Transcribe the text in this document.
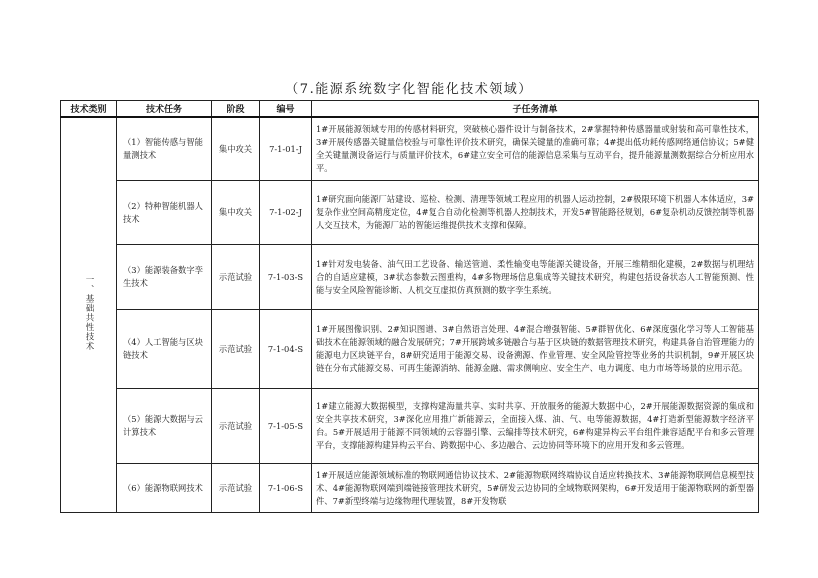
（7.能源系统数字化智能化技术领域）
技术类别	技术任务	阶段	编号	子任务清单
一、基础共性技术	（1）智能传感与智能量测技术	集中攻关	7-1-01-J	1#开展能源领域专用的传感材料研究，突破核心器件设计与制备技术，2#掌握特种传感器量或射装和高可靠性技术，3#开展传感器关键量信校验与可靠性评价技术研究，确保关键量的准确可靠；4#提出低功耗传感网络通信协议；5#健全关键量测设备运行与质量评价技术，6#建立安全可信的能源信息采集与互动平台，提升能源量测数据综合分析应用水平。
	（2）特种智能机器人技术	集中攻关	7-1-02-J	1#研究面向能源厂站建设、巡检、检测、清理等领域工程应用的机器人运动控制，2#极限环境下机器人本体适应，3#复杂作业空间高精度定位，4#复合自动化检测等机器人控制技术，开发5#智能路径规划，6#复杂机动反馈控制等机器人交互技术，为能源厂站的智能运维提供技术支撑和保障。
	（3）能源装备数字孪生技术	示范试验	7-1-03-S	1#针对发电装备、油气田工艺设备、输送管道、柔性输变电等能源关键设备，开展三维精细化建模，2#数据与机理结合的自适应建模，3#状态参数云图重构，4#多物理场信息集成等关键技术研究，构建包括设备状态人工智能预测、性能与安全风险智能诊断、人机交互虚拟仿真预测的数字孪生系统。
	（4）人工智能与区块链技术	示范试验	7-1-04-S	1#开展图像识别、2#知识图谱、3#自然语言处理、4#混合增强智能、5#群智优化、6#深度强化学习等人工智能基础技术在能源领域的融合发展研究；7#开展跨域多链融合与基于区块链的数据管理技术研究，构建具备自治管理能力的能源电力区块链平台，8#研究适用于能源交易、设备溯源、作业管理、安全风险管控等业务的共识机制，9#开展区块链在分布式能源交易、可再生能源消纳、能源金融、需求侧响应、安全生产、电力调度、电力市场等场景的应用示范。
	（5）能源大数据与云计算技术	示范试验	7-1-05-S	1#建立能源大数据模型，支撑构建海量共享、实时共享、开放服务的能源大数据中心，2#开展能源数据资源的集成和安全共享技术研究，3#深化应用推广新能源云，全面接入煤、油、气、电等能源数据，4#打造新型能源数字经济平台。5#开展适用于能源不同领域的云容器引擎、云编排等技术研究，6#构建异构云平台组件兼容适配平台和多云管理平台，支撑能源构建异构云平台、跨数据中心、多边融合、云边协同等环境下的应用开发和多云管理。
	（6）能源物联网技术	示范试验	7-1-06-S	1#开展适应能源领域标准的物联网通信协议技术、2#能源物联网终端协议自适应转换技术、3#能源物联网信息模型技术、4#能源物联网端到端链接管理技术研究，5#研发云边协同的全域物联网架构，6#开发适用于能源物联网的新型器件、7#新型终端与边缘物理代理装置，8#开发物联
